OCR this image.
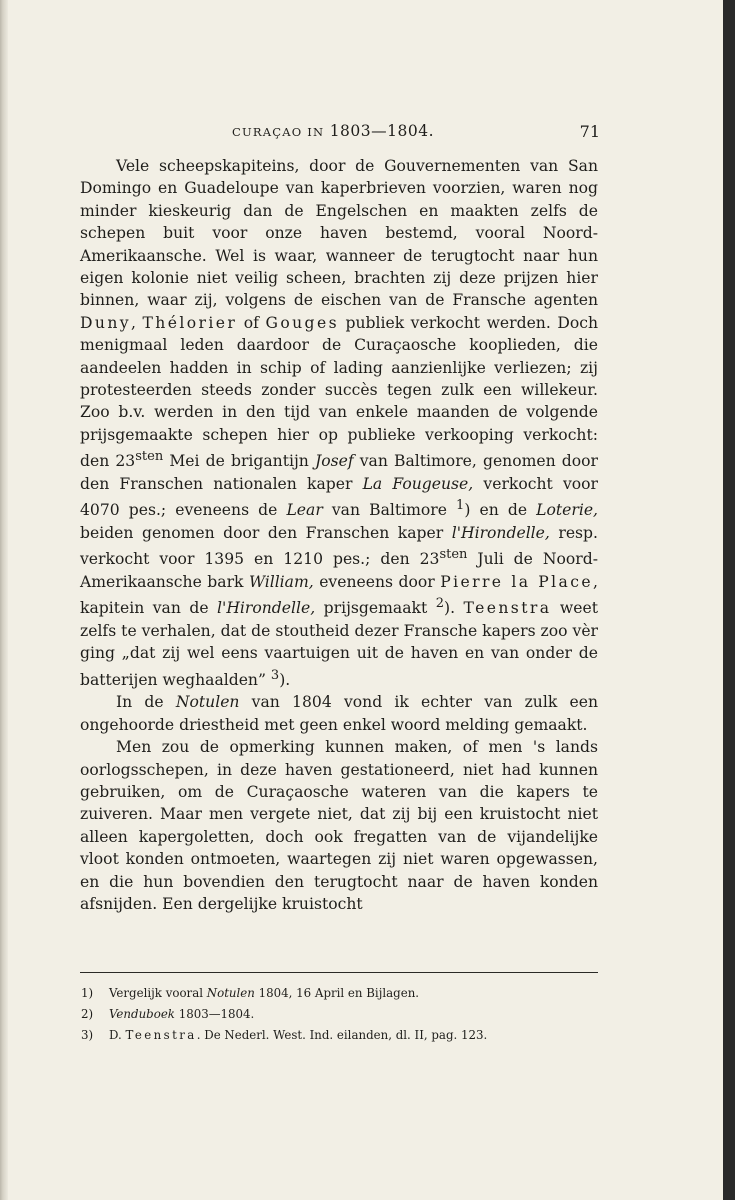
CURAÇAO IN 1803—1804.	71

Vele scheepskapiteins, door de Gouvernementen van San Domingo en Guadeloupe van kaperbrieven voorzien, waren nog minder kieskeurig dan de Engelschen en maakten zelfs de schepen buit voor onze haven bestemd, vooral Noord-Amerikaansche. Wel is waar, wanneer de terugtocht naar hun eigen kolonie niet veilig scheen, brachten zij deze prijzen hier binnen, waar zij, volgens de eischen van de Fransche agenten Duny, Thélorier of Gouges publiek verkocht werden. Doch menigmaal leden daardoor de Curaçaosche kooplieden, die aandeelen hadden in schip of lading aanzienlijke verliezen; zij protesteerden steeds zonder succès tegen zulk een willekeur. Zoo b.v. werden in den tijd van enkele maanden de volgende prijsgemaakte schepen hier op publieke verkooping verkocht: den $23^{sten}$ Mei de brigantijn Josef van Baltimore, genomen door den Franschen nationalen kaper La Fougeuse, verkocht voor 4070 pes.; eveneens de Lear van Baltimore $^1$) en de Loterie, beiden genomen door den Franschen kaper l'Hirondelle, resp. verkocht voor 1395 en 1210 pes.; den $23^{sten}$ Juli de Noord-Amerikaansche bark William, eveneens door Pierre la Place, kapitein van de l'Hirondelle, prijsgemaakt $^2$). Teenstra weet zelfs te verhalen, dat de stoutheid dezer Fransche kapers zoo vèr ging „dat zij wel eens vaartuigen uit de haven en van onder de batterijen weghaalden” $^3$).

In de Notulen van 1804 vond ik echter van zulk een ongehoorde driestheid met geen enkel woord melding gemaakt.

Men zou de opmerking kunnen maken, of men 's lands oorlogsschepen, in deze haven gestationeerd, niet had kunnen gebruiken, om de Curaçaosche wateren van die kapers te zuiveren. Maar men vergete niet, dat zij bij een kruistocht niet alleen kapergoletten, doch ook fregatten van de vijandelijke vloot konden ontmoeten, waartegen zij niet waren opgewassen, en die hun bovendien den terugtocht naar de haven konden afsnijden. Een dergelijke kruistocht

1) Vergelijk vooral Notulen 1804, 16 April en Bijlagen.
2) Venduboek 1803—1804.
3) D. Teenstra. De Nederl. West. Ind. eilanden, dl. II, pag. 123.
